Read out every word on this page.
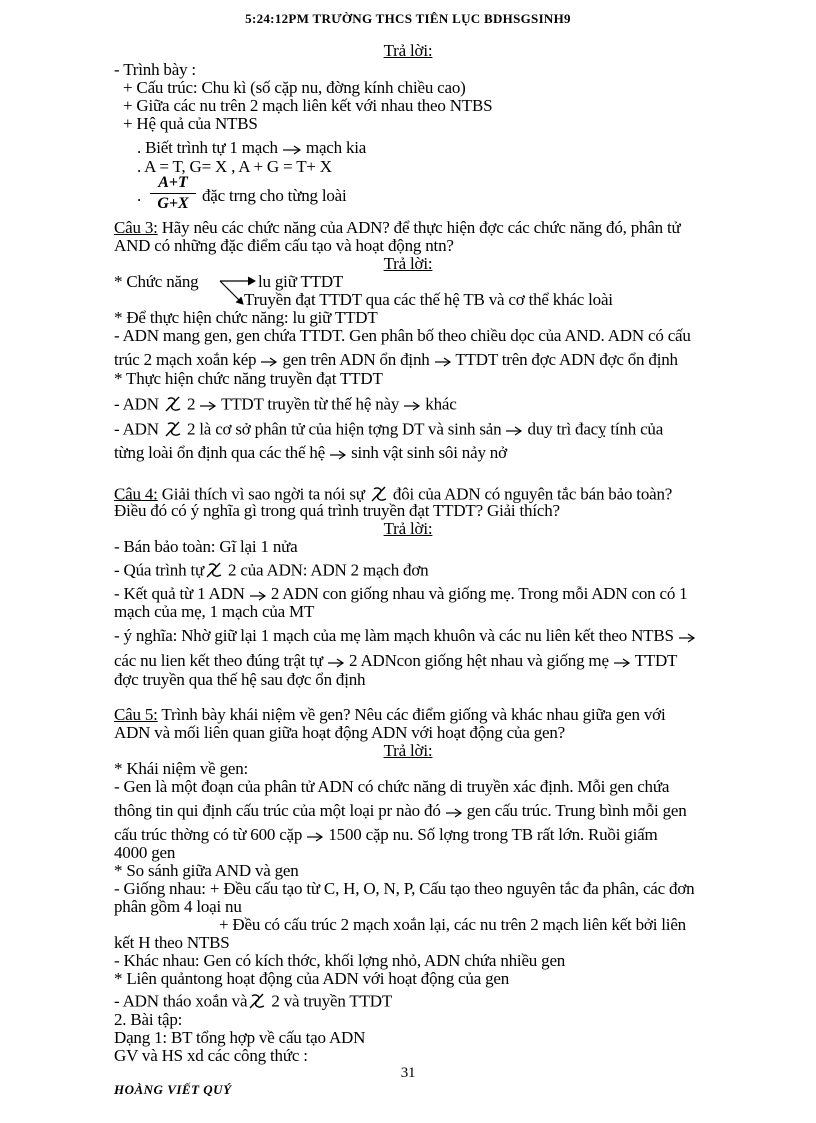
5:24:12PM TRƯỜNG THCS TIÊN LỤC BDHSGSINH9
Trả lời:
- Trình bày :
+ Cấu trúc: Chu kì (số cặp nu, đờng kính chiều cao)
+ Giữa các nu trên 2 mạch liên kết với nhau theo NTBS
+ Hệ quả của NTBS
. Biết trình tự 1 mạch mạch kia
. A = T, G= X , A + G = T+ X
. $\frac{A+T}{G+X}$ đặc trng cho từng loài
Câu 3: Hãy nêu các chức năng của ADN? để thực hiện đợc các chức năng đó, phân tử
AND có những đặc điểm cấu tạo và hoạt động ntn?
Trả lời:
* Chức năng	lu giữ TTDT
Truyền đạt TTDT qua các thế hệ TB và cơ thể khác loài
* Để thực hiện chức năng: lu giữ TTDT
- ADN mang gen, gen chứa TTDT. Gen phân bố theo chiều dọc của AND. ADN có cấu
trúc 2 mạch xoắn kép gen trên ADN ổn định TTDT trên đợc ADN đợc ổn định
* Thực hiện chức năng truyền đạt TTDT
- ADN 2 TTDT truyền từ thế hệ này khác
- ADN 2 là cơ sở phân tử của hiện tợng DT và sinh sản duy trì đacỵ tính của
từng loài ổn định qua các thế hệ sinh vật sinh sôi nảy nở
Câu 4: Giải thích vì sao ngời ta nói sự đôi của ADN có nguyên tắc bán bảo toàn?
Điều đó có ý nghĩa gì trong quá trình truyền đạt TTDT? Giải thích?
Trả lời:
- Bán bảo toàn: Gĩ lại 1 nửa
- Qúa trình tự 2 của ADN: ADN 2 mạch đơn
- Kết quả từ 1 ADN 2 ADN con giống nhau và giống mẹ. Trong mỗi ADN con có 1
mạch của mẹ, 1 mạch của MT
- ý nghĩa: Nhờ giữ lại 1 mạch của mẹ làm mạch khuôn và các nu liên kết theo NTBS
các nu lien kết theo đúng trật tự 2 ADNcon giống hệt nhau và giống mẹ TTDT
đợc truyền qua thế hệ sau đợc ổn định
Câu 5: Trình bày khái niệm về gen? Nêu các điểm giống và khác nhau giữa gen với
ADN và mối liên quan giữa hoạt động ADN với hoạt động của gen?
Trả lời:
* Khái niệm về gen:
- Gen là một đoạn của phân tử ADN có chức năng di truyền xác định. Mỗi gen chứa
thông tin qui định cấu trúc của một loại pr nào đó gen cấu trúc. Trung bình mỗi gen
cấu trúc thờng có từ 600 cặp 1500 cặp nu. Số lợng trong TB rất lớn. Ruồi giấm
4000 gen
* So sánh giữa AND và gen
- Giống nhau: + Đều cấu tạo từ C, H, O, N, P, Cấu tạo theo nguyên tắc đa phân, các đơn
phân gồm 4 loại nu
+ Đều có cấu trúc 2 mạch xoắn lại, các nu trên 2 mạch liên kết bởi liên
kết H theo NTBS
- Khác nhau: Gen có kích thớc, khối lợng nhỏ, ADN chứa nhiều gen
* Liên quảntong hoạt động của ADN với hoạt động của gen
- ADN tháo xoắn và 2 và truyền TTDT
2. Bài tập:
Dạng 1: BT tổng hợp về cấu tạo ADN
GV và HS xd các công thức :
31
HOÀNG VIẾT QUÝ
